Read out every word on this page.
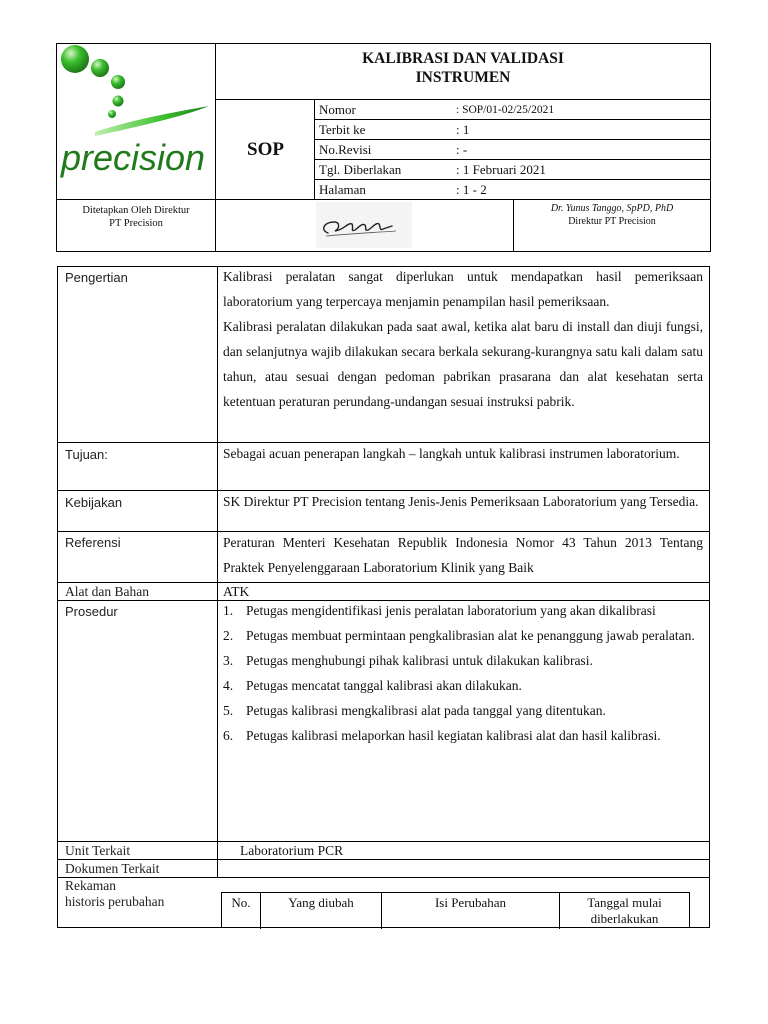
precision
KALIBRASI DAN VALIDASI
INSTRUMEN
SOP
Nomor	: SOP/01-02/25/2021
Terbit ke	: 1
No.Revisi	: -
Tgl. Diberlakan	: 1 Februari 2021
Halaman	: 1 - 2
Ditetapkan Oleh Direktur
PT Precision
Dr. Yunus Tanggo, SpPD, PhD
Direktur PT Precision
Pengertian	Kalibrasi peralatan sangat diperlukan untuk mendapatkan hasil pemeriksaan laboratorium yang terpercaya menjamin penampilan hasil pemeriksaan.

Kalibrasi peralatan dilakukan pada saat awal, ketika alat baru di install dan diuji fungsi, dan selanjutnya wajib dilakukan secara berkala sekurang-kurangnya satu kali dalam satu tahun, atau sesuai dengan pedoman pabrikan prasarana dan alat kesehatan serta ketentuan peraturan perundang-undangan sesuai instruksi pabrik.

Tujuan:	Sebagai acuan penerapan langkah – langkah untuk kalibrasi instrumen laboratorium.
Kebijakan	SK Direktur PT Precision tentang Jenis-Jenis Pemeriksaan Laboratorium yang Tersedia.
Referensi	Peraturan Menteri Kesehatan Republik Indonesia Nomor 43 Tahun 2013 Tentang Praktek Penyelenggaraan Laboratorium Klinik yang Baik
Alat dan Bahan	ATK
Prosedur	1. Petugas mengidentifikasi jenis peralatan laboratorium yang akan dikalibrasi
2. Petugas membuat permintaan pengkalibrasian alat ke penanggung jawab peralatan.
3. Petugas menghubungi pihak kalibrasi untuk dilakukan kalibrasi.
4. Petugas mencatat tanggal kalibrasi akan dilakukan.
5. Petugas kalibrasi mengkalibrasi alat pada tanggal yang ditentukan.
6. Petugas kalibrasi melaporkan hasil kegiatan kalibrasi alat dan hasil kalibrasi.
Unit Terkait	Laboratorium PCR
Dokumen Terkait
Rekaman
historis perubahan	No.	Yang diubah	Isi Perubahan	Tanggal mulai diberlakukan
